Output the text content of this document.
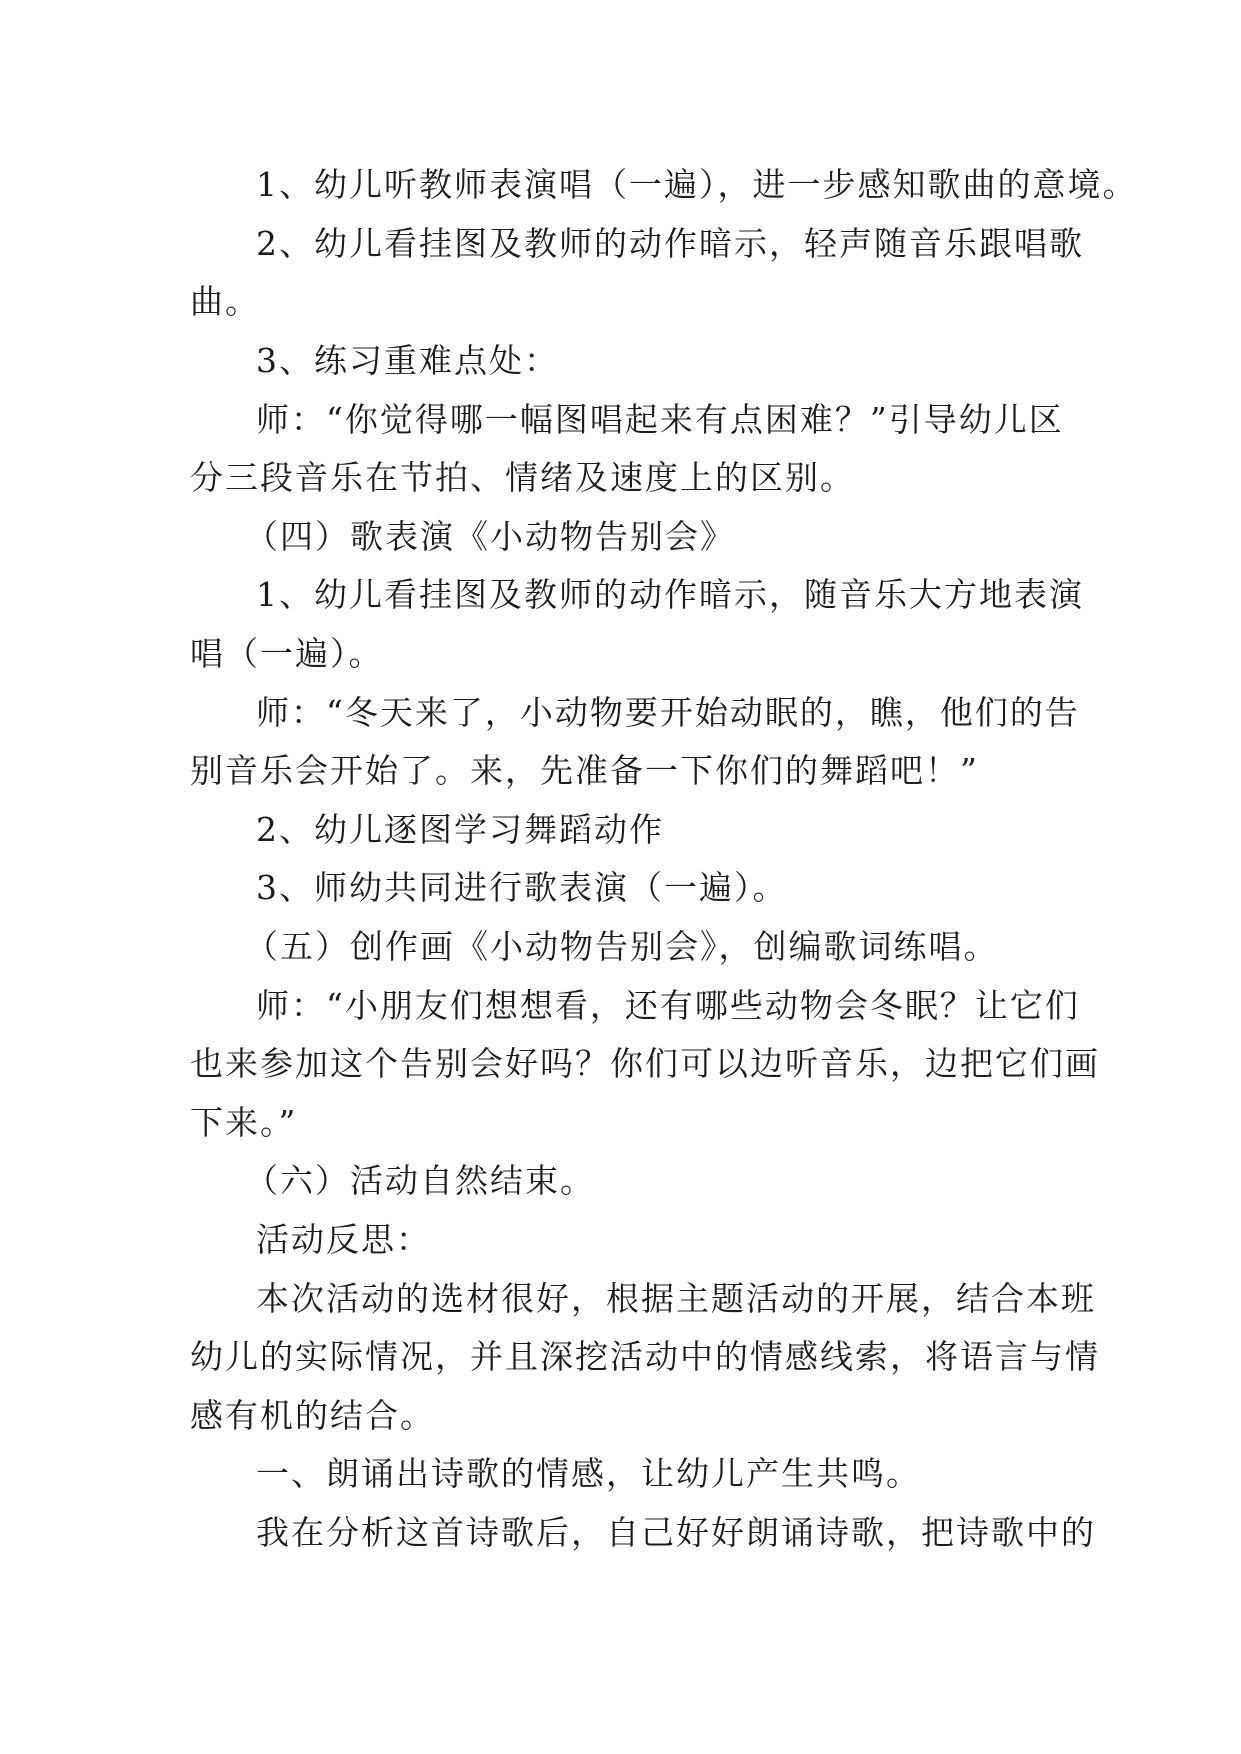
1、幼儿听教师表演唱（一遍），进一步感知歌曲的意境。
2、幼儿看挂图及教师的动作暗示，轻声随音乐跟唱歌
曲。
3、练习重难点处：
师：“你觉得哪一幅图唱起来有点困难？”引导幼儿区
分三段音乐在节拍、情绪及速度上的区别。
（四）歌表演《小动物告别会》
1、幼儿看挂图及教师的动作暗示，随音乐大方地表演
唱（一遍）。
师：“冬天来了，小动物要开始动眠的，瞧，他们的告
别音乐会开始了。来，先准备一下你们的舞蹈吧！”
2、幼儿逐图学习舞蹈动作
3、师幼共同进行歌表演（一遍）。
（五）创作画《小动物告别会》，创编歌词练唱。
师：“小朋友们想想看，还有哪些动物会冬眠？让它们
也来参加这个告别会好吗？你们可以边听音乐，边把它们画
下来。”
（六）活动自然结束。
活动反思：
本次活动的选材很好，根据主题活动的开展，结合本班
幼儿的实际情况，并且深挖活动中的情感线索，将语言与情
感有机的结合。
一、朗诵出诗歌的情感，让幼儿产生共鸣。
我在分析这首诗歌后，自己好好朗诵诗歌，把诗歌中的
